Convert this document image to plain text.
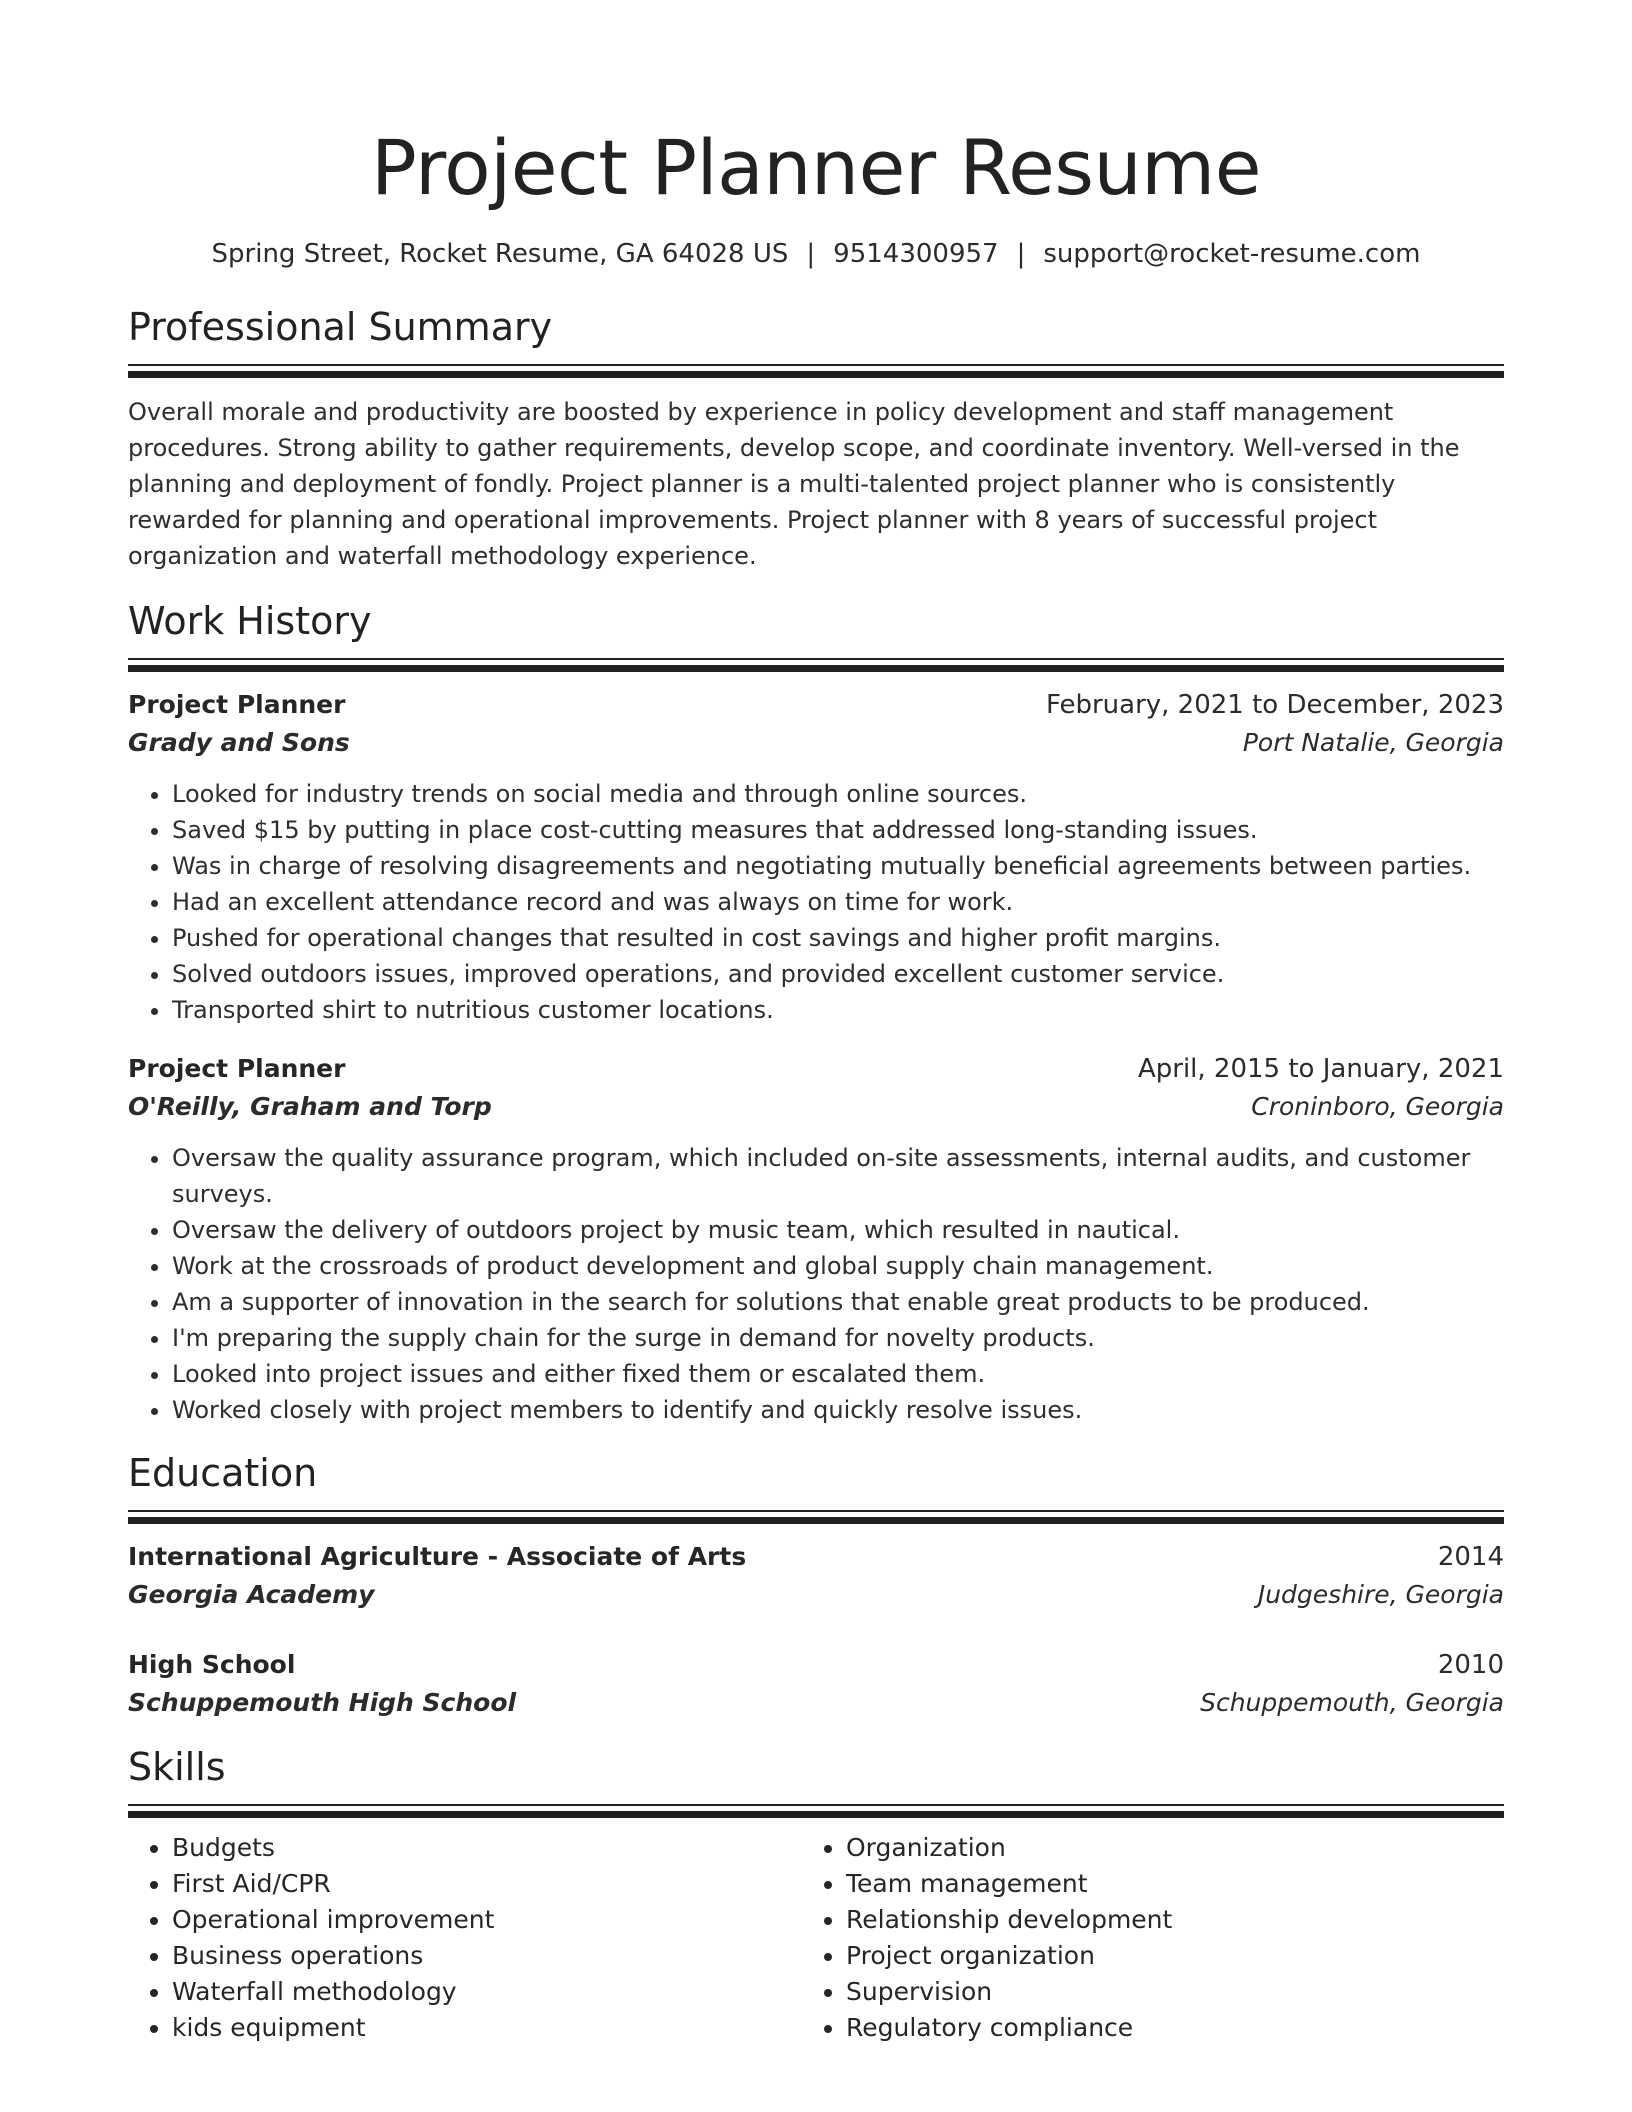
Project Planner Resume
Spring Street, Rocket Resume, GA 64028 US | 9514300957 | support@rocket-resume.com
Professional Summary
Overall morale and productivity are boosted by experience in policy development and staff management procedures. Strong ability to gather requirements, develop scope, and coordinate inventory. Well-versed in the planning and deployment of fondly. Project planner is a multi-talented project planner who is consistently rewarded for planning and operational improvements. Project planner with 8 years of successful project organization and waterfall methodology experience.
Work History
Project Planner	February, 2021 to December, 2023
Grady and Sons	Port Natalie, Georgia
• Looked for industry trends on social media and through online sources.
• Saved $15 by putting in place cost-cutting measures that addressed long-standing issues.
• Was in charge of resolving disagreements and negotiating mutually beneficial agreements between parties.
• Had an excellent attendance record and was always on time for work.
• Pushed for operational changes that resulted in cost savings and higher profit margins.
• Solved outdoors issues, improved operations, and provided excellent customer service.
• Transported shirt to nutritious customer locations.
Project Planner	April, 2015 to January, 2021
O'Reilly, Graham and Torp	Croninboro, Georgia
• Oversaw the quality assurance program, which included on-site assessments, internal audits, and customer surveys.
• Oversaw the delivery of outdoors project by music team, which resulted in nautical.
• Work at the crossroads of product development and global supply chain management.
• Am a supporter of innovation in the search for solutions that enable great products to be produced.
• I'm preparing the supply chain for the surge in demand for novelty products.
• Looked into project issues and either fixed them or escalated them.
• Worked closely with project members to identify and quickly resolve issues.
Education
International Agriculture - Associate of Arts	2014
Georgia Academy	Judgeshire, Georgia
High School	2010
Schuppemouth High School	Schuppemouth, Georgia
Skills
• Budgets
• First Aid/CPR
• Operational improvement
• Business operations
• Waterfall methodology
• kids equipment
• Organization
• Team management
• Relationship development
• Project organization
• Supervision
• Regulatory compliance
